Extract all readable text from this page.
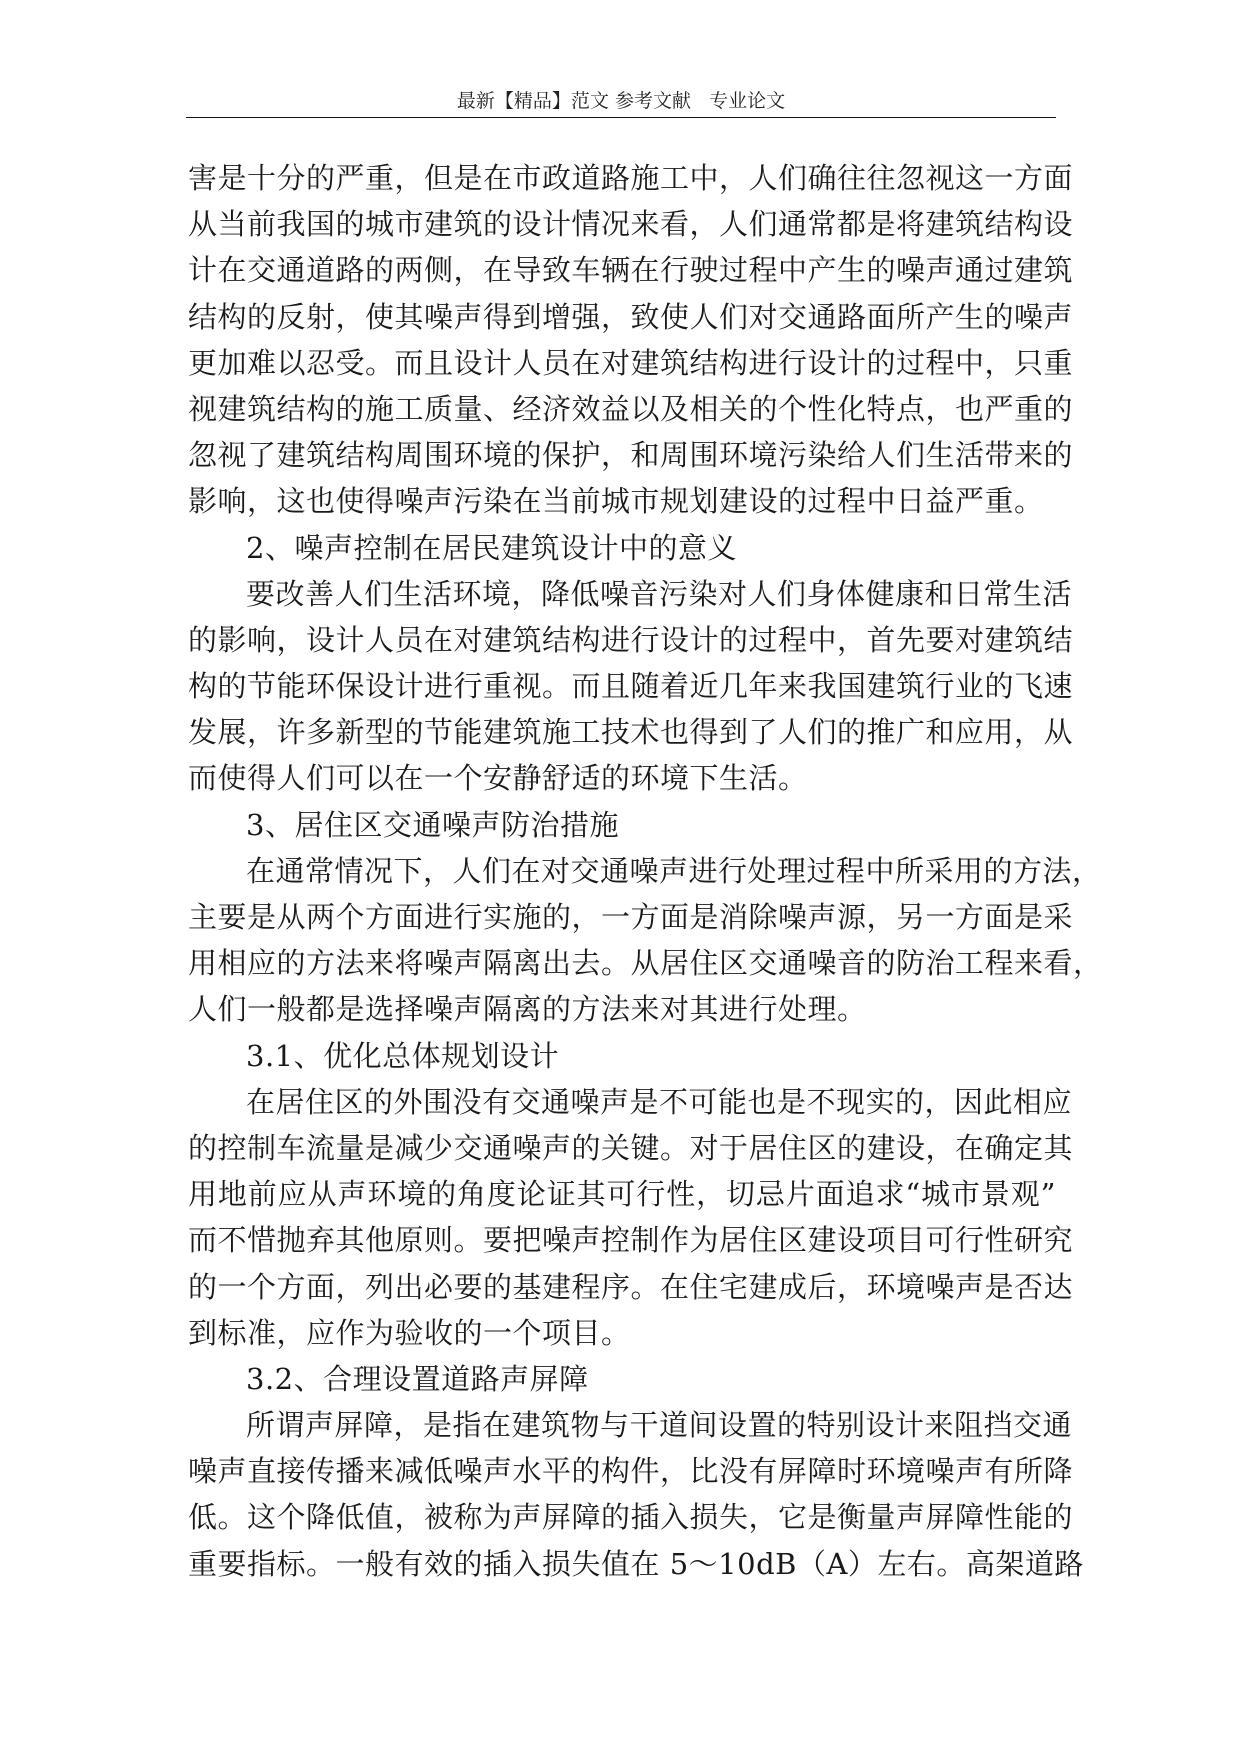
最新【精品】范文 参考文献   专业论文
害是十分的严重，但是在市政道路施工中，人们确往往忽视这一方面
从当前我国的城市建筑的设计情况来看，人们通常都是将建筑结构设
计在交通道路的两侧，在导致车辆在行驶过程中产生的噪声通过建筑
结构的反射，使其噪声得到增强，致使人们对交通路面所产生的噪声
更加难以忍受。而且设计人员在对建筑结构进行设计的过程中，只重
视建筑结构的施工质量、经济效益以及相关的个性化特点，也严重的
忽视了建筑结构周围环境的保护，和周围环境污染给人们生活带来的
影响，这也使得噪声污染在当前城市规划建设的过程中日益严重。
2、噪声控制在居民建筑设计中的意义
要改善人们生活环境，降低噪音污染对人们身体健康和日常生活
的影响，设计人员在对建筑结构进行设计的过程中，首先要对建筑结
构的节能环保设计进行重视。而且随着近几年来我国建筑行业的飞速
发展，许多新型的节能建筑施工技术也得到了人们的推广和应用，从
而使得人们可以在一个安静舒适的环境下生活。
3、居住区交通噪声防治措施
在通常情况下，人们在对交通噪声进行处理过程中所采用的方法，
主要是从两个方面进行实施的，一方面是消除噪声源，另一方面是采
用相应的方法来将噪声隔离出去。从居住区交通噪音的防治工程来看，
人们一般都是选择噪声隔离的方法来对其进行处理。
3.1、优化总体规划设计
在居住区的外围没有交通噪声是不可能也是不现实的，因此相应
的控制车流量是减少交通噪声的关键。对于居住区的建设，在确定其
用地前应从声环境的角度论证其可行性，切忌片面追求“城市景观”
而不惜抛弃其他原则。要把噪声控制作为居住区建设项目可行性研究
的一个方面，列出必要的基建程序。在住宅建成后，环境噪声是否达
到标准，应作为验收的一个项目。
3.2、合理设置道路声屏障
所谓声屏障，是指在建筑物与干道间设置的特别设计来阻挡交通
噪声直接传播来减低噪声水平的构件，比没有屏障时环境噪声有所降
低。这个降低值，被称为声屏障的插入损失，它是衡量声屏障性能的
重要指标。一般有效的插入损失值在 5～10dB（A）左右。高架道路
